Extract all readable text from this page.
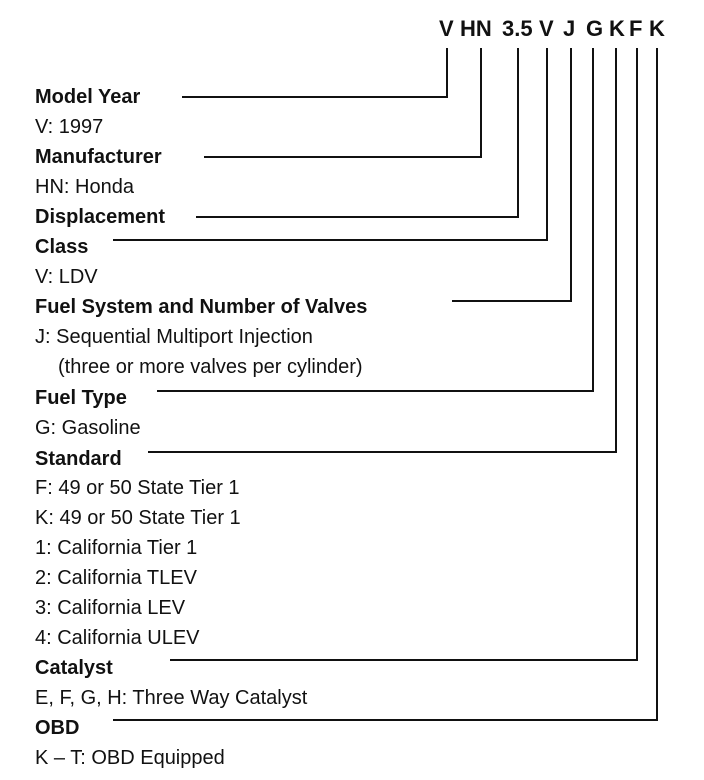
V HN 3.5 V J G K F K
Model Year
V: 1997
Manufacturer
HN: Honda
Displacement
Class
V: LDV
Fuel System and Number of Valves
J: Sequential Multiport Injection
(three or more valves per cylinder)
Fuel Type
G: Gasoline
Standard
F: 49 or 50 State Tier 1
K: 49 or 50 State Tier 1
1: California Tier 1
2: California TLEV
3: California LEV
4: California ULEV
Catalyst
E, F, G, H: Three Way Catalyst
OBD
K – T: OBD Equipped
